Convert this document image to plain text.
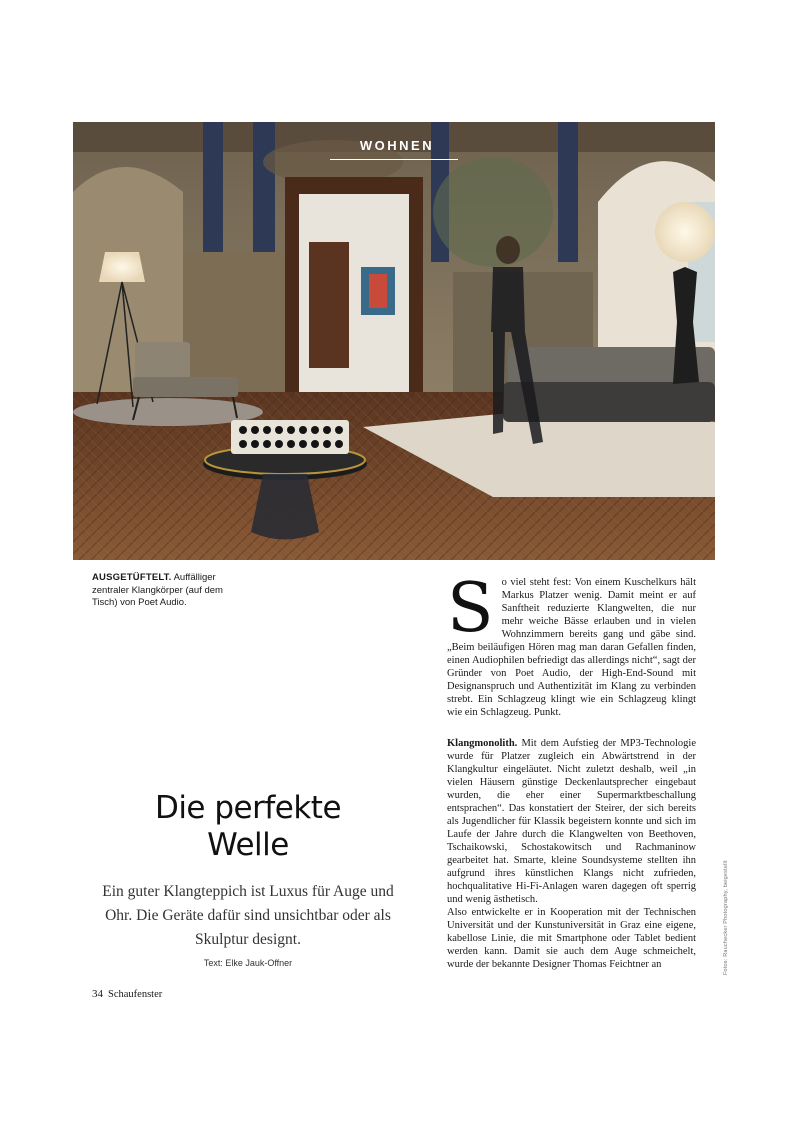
WOHNEN
AUSGETÜFTELT. Auffälliger zentraler Klangkörper (auf dem Tisch) von Poet Audio.
Die perfekte
Welle
Ein guter Klangteppich ist Luxus für Auge und Ohr. Die Geräte dafür sind unsichtbar oder als Skulptur designt.
Text: Elke Jauk-Offner
S o viel steht fest: Von einem Kuschelkurs hält Markus Platzer wenig. Damit meint er auf Sanftheit reduzierte Klangwelten, die nur mehr weiche Bässe erlauben und in vielen Wohnzimmern bereits gang und gäbe sind. „Beim beiläufigen Hören mag man daran Gefallen finden, einen Audiophilen befriedigt das allerdings nicht“, sagt der Gründer von Poet Audio, der High-End-Sound mit Designanspruch und Authentizität im Klang zu verbinden strebt. Ein Schlagzeug klingt wie ein Schlagzeug klingt wie ein Schlagzeug. Punkt.

Klangmonolith. Mit dem Aufstieg der MP3-Technologie wurde für Platzer zugleich ein Abwärtstrend in der Klangkultur eingeläutet. Nicht zuletzt deshalb, weil „in vielen Häusern günstige Deckenlautsprecher eingebaut wurden, die eher einer Supermarktbeschallung entsprachen“. Das konstatiert der Steirer, der sich bereits als Jugendlicher für Klassik begeistern konnte und sich im Laufe der Jahre durch die Klangwelten von Beethoven, Tschaikowski, Schostakowitsch und Rachmaninow gearbeitet hat. Smarte, kleine Soundsysteme stellten ihn aufgrund ihres künstlichen Klangs nicht zufrieden, hochqualitative Hi-Fi-Anlagen waren dagegen oft sperrig und wenig ästhetisch.

Also entwickelte er in Kooperation mit der Technischen Universität und der Kunstuniversität in Graz eine eigene, kabellose Linie, die mit Smartphone oder Tablet bedient werden kann. Damit sie auch dem Auge schmeichelt, wurde der bekannte Designer Thomas Feichtner an

34 Schaufenster
Fotos: Rauchecker Photography, beigestellt
